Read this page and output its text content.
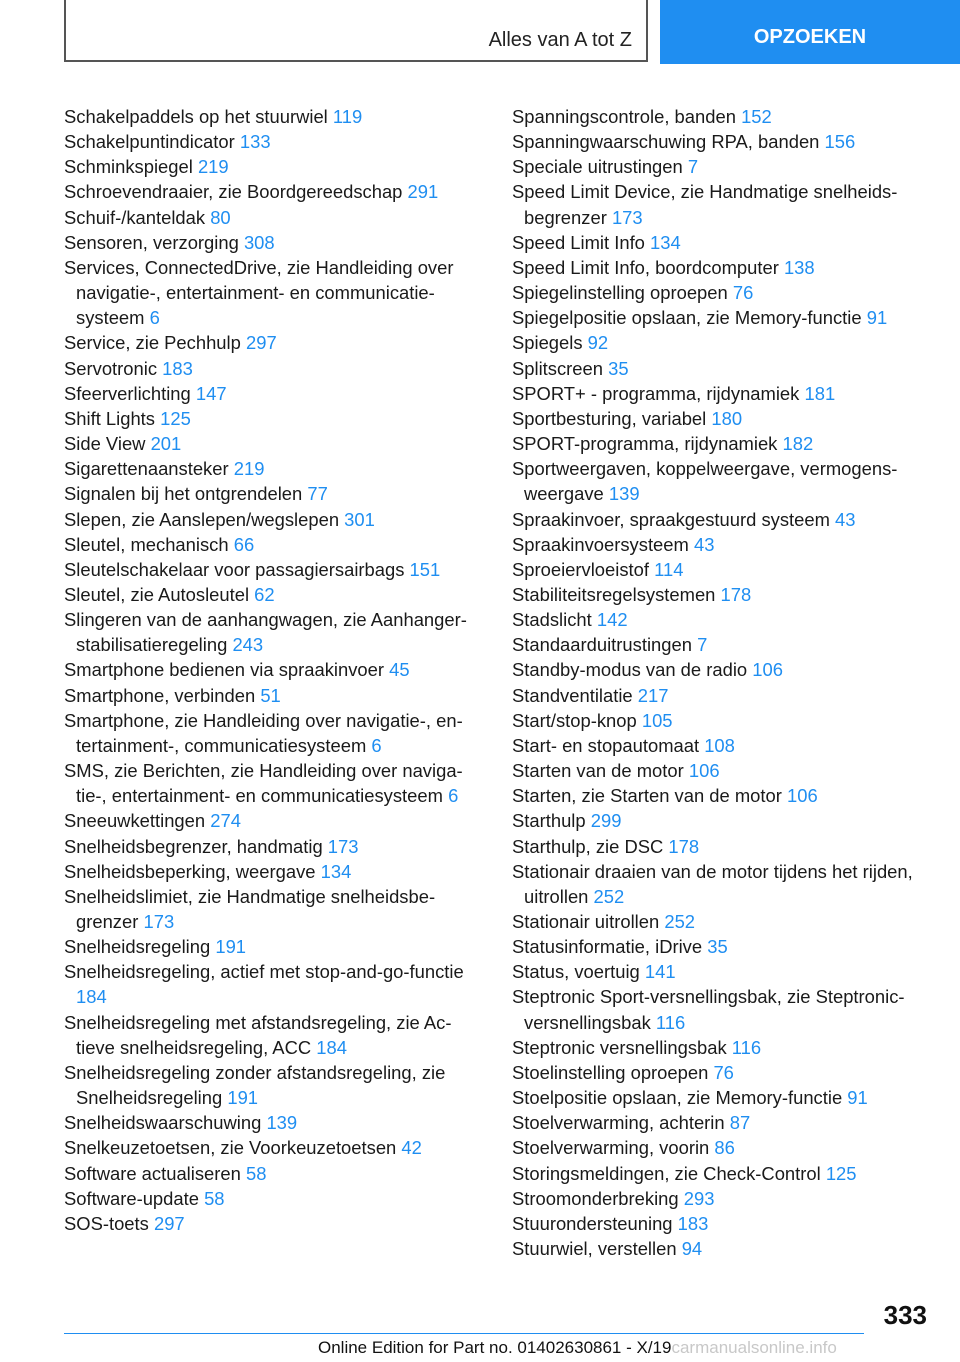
Alles van A tot Z	OPZOEKEN
Schakelpaddels op het stuurwiel 119
Schakelpuntindicator 133
Schminkspiegel 219
Schroevendraaier, zie Boordgereedschap 291
Schuif-/kanteldak 80
Sensoren, verzorging 308
Services, ConnectedDrive, zie Handleiding over navigatie-, entertainment- en communicatiesysteem 6
Service, zie Pechhulp 297
Servotronic 183
Sfeerverlichting 147
Shift Lights 125
Side View 201
Sigarettenaansteker 219
Signalen bij het ontgrendelen 77
Slepen, zie Aanslepen/wegslepen 301
Sleutel, mechanisch 66
Sleutelschakelaar voor passagiersairbags 151
Sleutel, zie Autosleutel 62
Slingeren van de aanhangwagen, zie Aanhangerstabilisatieregeling 243
Smartphone bedienen via spraakinvoer 45
Smartphone, verbinden 51
Smartphone, zie Handleiding over navigatie-, entertainment-, communicatiesysteem 6
SMS, zie Berichten, zie Handleiding over navigatie-, entertainment- en communicatiesysteem 6
Sneeuwkettingen 274
Snelheidsbegrenzer, handmatig 173
Snelheidsbeperking, weergave 134
Snelheidslimiet, zie Handmatige snelheidsbegrenzer 173
Snelheidsregeling 191
Snelheidsregeling, actief met stop-and-go-functie 184
Snelheidsregeling met afstandsregeling, zie Actieve snelheidsregeling, ACC 184
Snelheidsregeling zonder afstandsregeling, zie Snelheidsregeling 191
Snelheidswaarschuwing 139
Snelkeuzetoetsen, zie Voorkeuzetoetsen 42
Software actualiseren 58
Software-update 58
SOS-toets 297
Spanningscontrole, banden 152
Spanningwaarschuwing RPA, banden 156
Speciale uitrustingen 7
Speed Limit Device, zie Handmatige snelheidsbegrenzer 173
Speed Limit Info 134
Speed Limit Info, boordcomputer 138
Spiegelinstelling oproepen 76
Spiegelpositie opslaan, zie Memory-functie 91
Spiegels 92
Splitscreen 35
SPORT+ - programma, rijdynamiek 181
Sportbesturing, variabel 180
SPORT-programma, rijdynamiek 182
Sportweergaven, koppelweergave, vermogensweergave 139
Spraakinvoer, spraakgestuurd systeem 43
Spraakinvoersysteem 43
Sproeiervloeistof 114
Stabiliteitsregelsystemen 178
Stadslicht 142
Standaarduitrustingen 7
Standby-modus van de radio 106
Standventilatie 217
Start/stop-knop 105
Start- en stopautomaat 108
Starten van de motor 106
Starten, zie Starten van de motor 106
Starthulp 299
Starthulp, zie DSC 178
Stationair draaien van de motor tijdens het rijden, uitrollen 252
Stationair uitrollen 252
Statusinformatie, iDrive 35
Status, voertuig 141
Steptronic Sport-versnellingsbak, zie Steptronic-versnellingsbak 116
Steptronic versnellingsbak 116
Stoelinstelling oproepen 76
Stoelpositie opslaan, zie Memory-functie 91
Stoelverwarming, achterin 87
Stoelverwarming, voorin 86
Storingsmeldingen, zie Check-Control 125
Stroomonderbreking 293
Stuurondersteuning 183
Stuurwiel, verstellen 94
333
Online Edition for Part no. 01402630861 - X/19carmanualsonline.info
